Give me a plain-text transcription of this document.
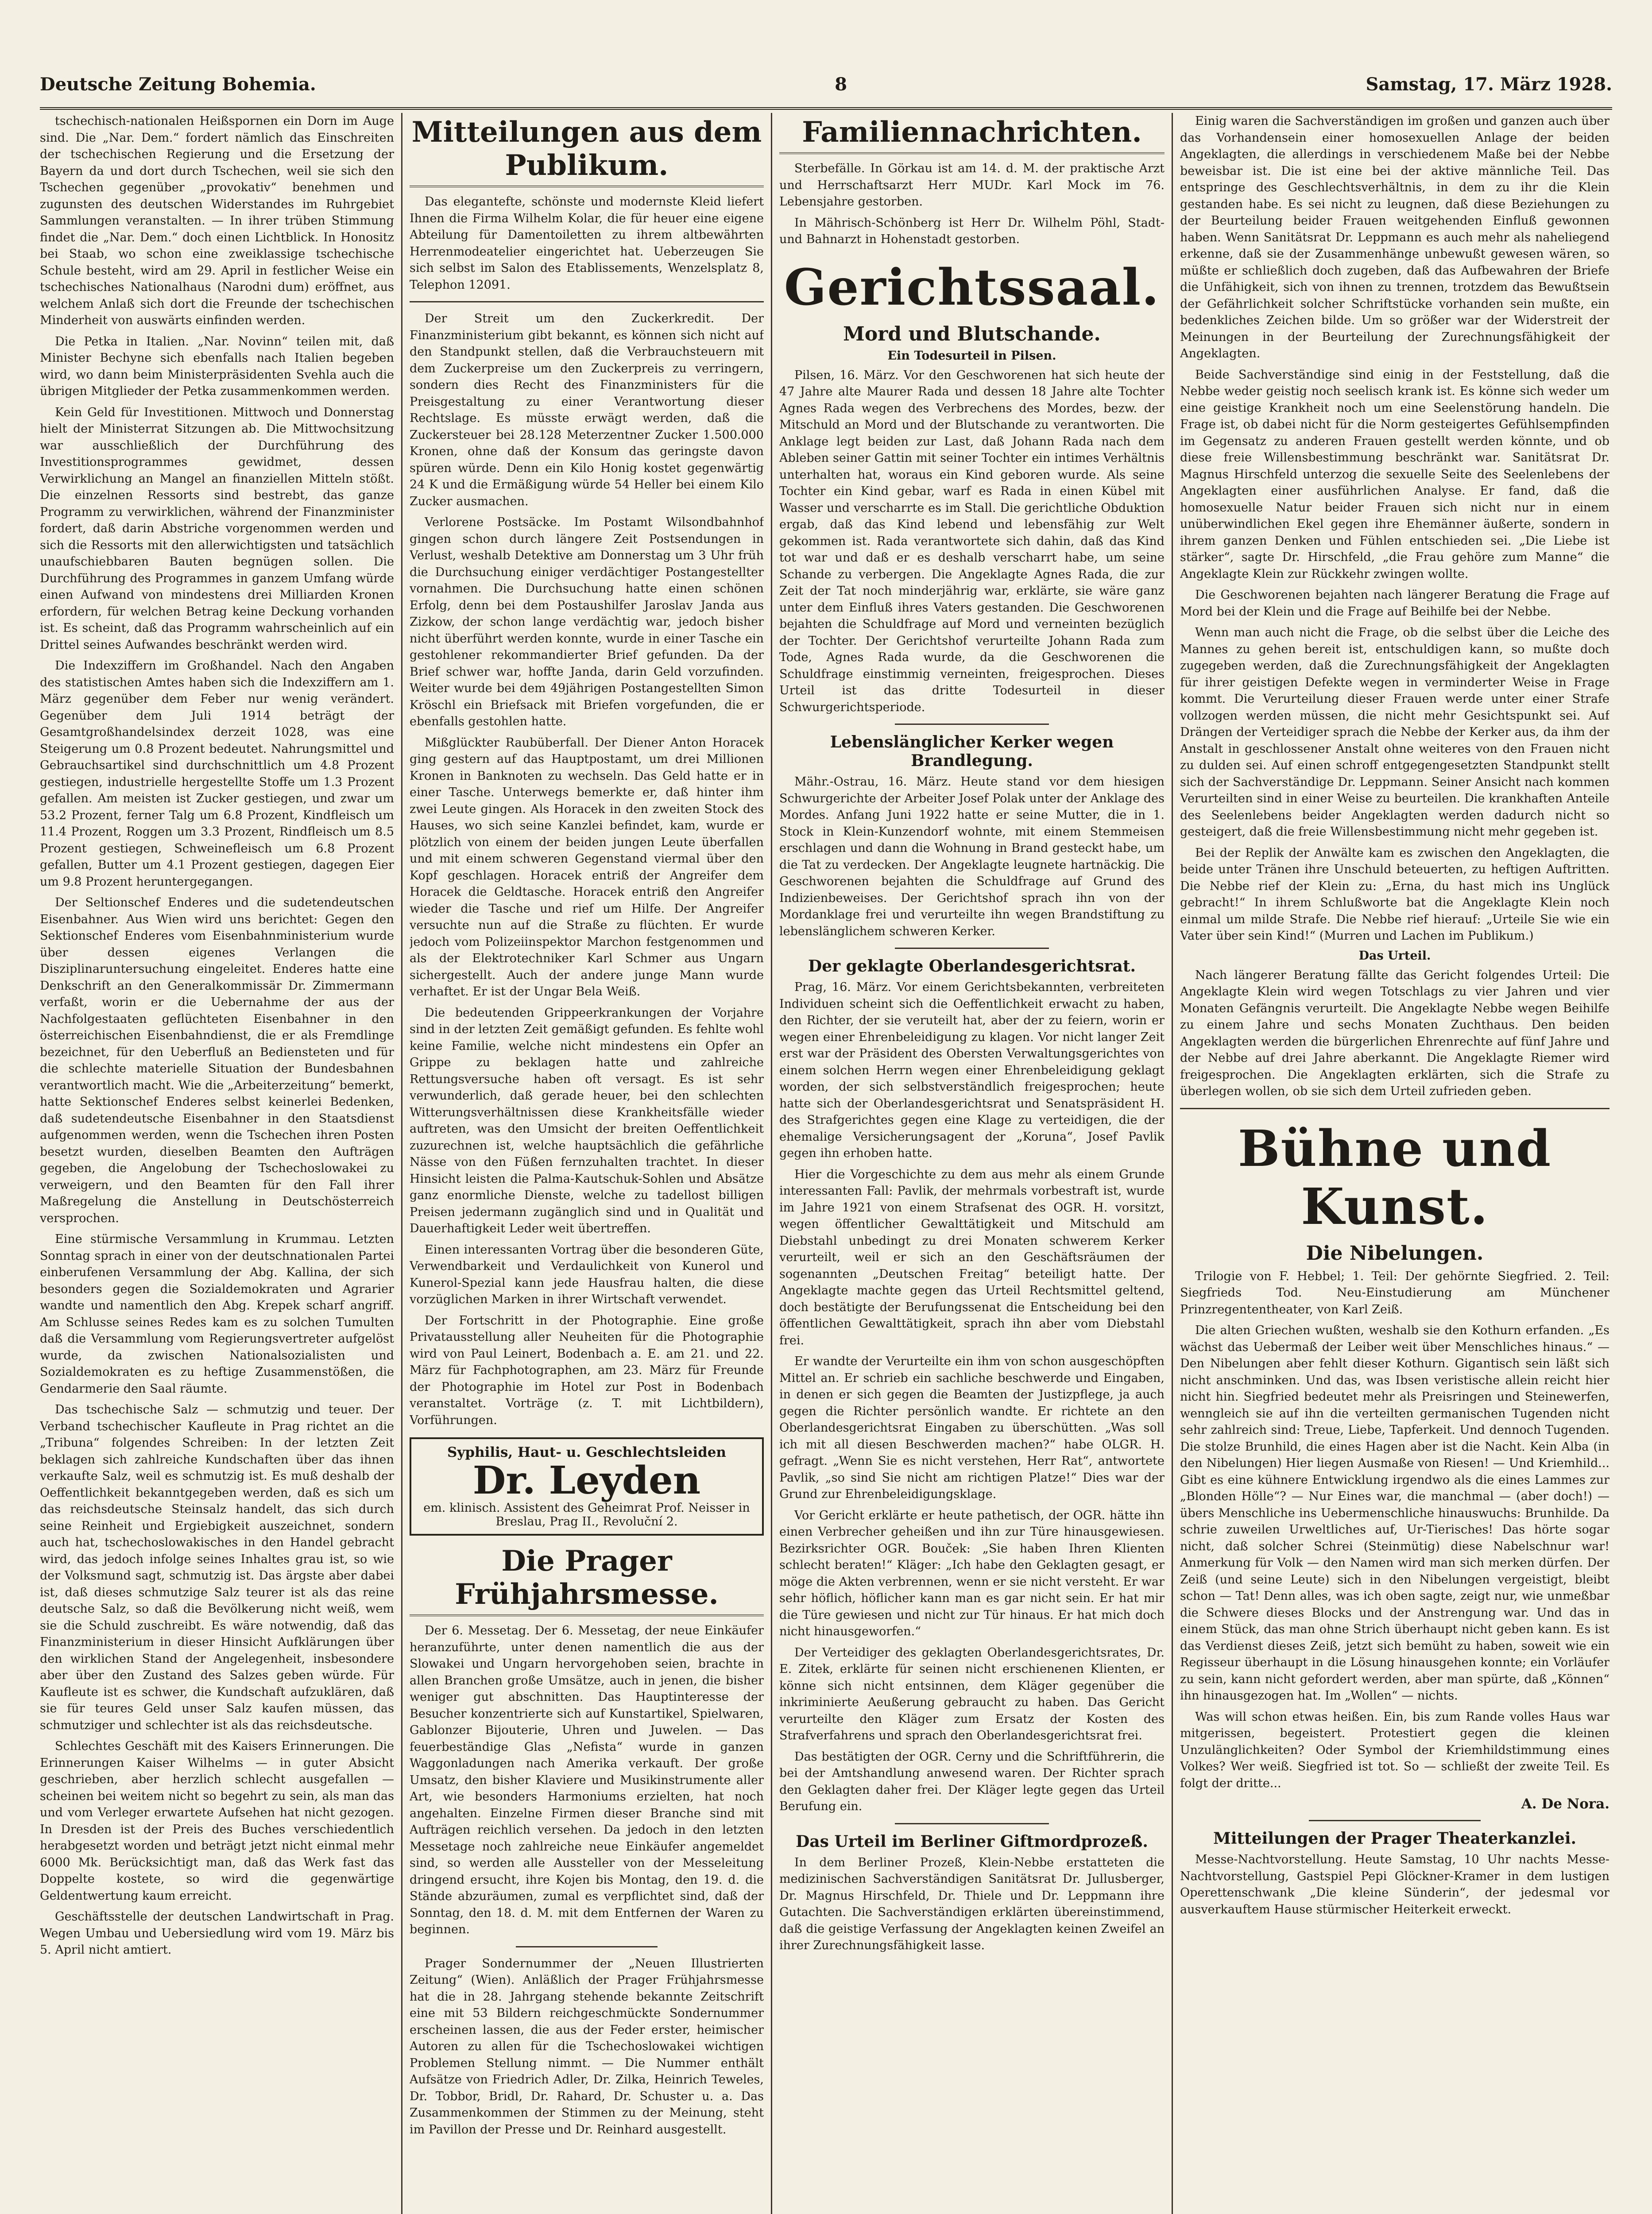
Deutsche Zeitung Bohemia.	8	Samstag, 17. März 1928.

tschechisch-nationalen Heißspornen ein Dorn im Auge sind. Die „Nar. Dem.“ fordert nämlich das Einschreiten der tschechischen Regierung und die Ersetzung der Bayern da und dort durch Tschechen, weil sie sich den Tschechen gegenüber „provokativ“ benehmen und zugunsten des deutschen Widerstandes im Ruhrgebiet Sammlungen veranstalten. — In ihrer trüben Stimmung findet die „Nar. Dem.“ doch einen Lichtblick. In Honositz bei Staab, wo schon eine zweiklassige tschechische Schule besteht, wird am 29. April in festlicher Weise ein tschechisches Nationalhaus (Narodni dum) eröffnet, aus welchem Anlaß sich dort die Freunde der tschechischen Minderheit von auswärts einfinden werden.

Die Petka in Italien. „Nar. Novinn“ teilen mit, daß Minister Bechyne sich ebenfalls nach Italien begeben wird, wo dann beim Ministerpräsidenten Svehla auch die übrigen Mitglieder der Petka zusammenkommen werden.

Kein Geld für Investitionen. Mittwoch und Donnerstag hielt der Ministerrat Sitzungen ab. Die Mittwochsitzung war ausschließlich der Durchführung des Investitionsprogrammes gewidmet, dessen Verwirklichung an Mangel an finanziellen Mitteln stößt. Die einzelnen Ressorts sind bestrebt, das ganze Programm zu verwirklichen, während der Finanzminister fordert, daß darin Abstriche vorgenommen werden und sich die Ressorts mit den allerwichtigsten und tatsächlich unaufschiebbaren Bauten begnügen sollen. Die Durchführung des Programmes in ganzem Umfang würde einen Aufwand von mindestens drei Milliarden Kronen erfordern, für welchen Betrag keine Deckung vorhanden ist. Es scheint, daß das Programm wahrscheinlich auf ein Drittel seines Aufwandes beschränkt werden wird.

Die Indexziffern im Großhandel. Nach den Angaben des statistischen Amtes haben sich die Indexziffern am 1. März gegenüber dem Feber nur wenig verändert. Gegenüber dem Juli 1914 beträgt der Gesamtgroßhandelsindex derzeit 1028, was eine Steigerung um 0.8 Prozent bedeutet. Nahrungsmittel und Gebrauchsartikel sind durchschnittlich um 4.8 Prozent gestiegen, industrielle hergestellte Stoffe um 1.3 Prozent gefallen. Am meisten ist Zucker gestiegen, und zwar um 53.2 Prozent, ferner Talg um 6.8 Prozent, Kindfleisch um 11.4 Prozent, Roggen um 3.3 Prozent, Rindfleisch um 8.5 Prozent gestiegen, Schweinefleisch um 6.8 Prozent gefallen, Butter um 4.1 Prozent gestiegen, dagegen Eier um 9.8 Prozent heruntergegangen.

Der Seltionschef Enderes und die sudetendeutschen Eisenbahner. Aus Wien wird uns berichtet: Gegen den Sektionschef Enderes vom Eisenbahnministerium wurde über dessen eigenes Verlangen die Disziplinaruntersuchung eingeleitet. Enderes hatte eine Denkschrift an den Generalkommissär Dr. Zimmermann verfaßt, worin er die Uebernahme der aus der Nachfolgestaaten geflüchteten Eisenbahner in den österreichischen Eisenbahndienst, die er als Fremdlinge bezeichnet, für den Ueberfluß an Bediensteten und für die schlechte materielle Situation der Bundesbahnen verantwortlich macht. Wie die „Arbeiterzeitung“ bemerkt, hatte Sektionschef Enderes selbst keinerlei Bedenken, daß sudetendeutsche Eisenbahner in den Staatsdienst aufgenommen werden, wenn die Tschechen ihren Posten besetzt wurden, dieselben Beamten den Aufträgen gegeben, die Angelobung der Tschechoslowakei zu verweigern, und den Beamten für den Fall ihrer Maßregelung die Anstellung in Deutschösterreich versprochen.

Eine stürmische Versammlung in Krummau. Letzten Sonntag sprach in einer von der deutschnationalen Partei einberufenen Versammlung der Abg. Kallina, der sich besonders gegen die Sozialdemokraten und Agrarier wandte und namentlich den Abg. Krepek scharf angriff. Am Schlusse seines Redes kam es zu solchen Tumulten daß die Versammlung vom Regierungsvertreter aufgelöst wurde, da zwischen Nationalsozialisten und Sozialdemokraten es zu heftige Zusammenstößen, die Gendarmerie den Saal räumte.

Das tschechische Salz — schmutzig und teuer. Der Verband tschechischer Kaufleute in Prag richtet an die „Tribuna“ folgendes Schreiben: In der letzten Zeit beklagen sich zahlreiche Kundschaften über das ihnen verkaufte Salz, weil es schmutzig ist. Es muß deshalb der Oeffentlichkeit bekanntgegeben werden, daß es sich um das reichsdeutsche Steinsalz handelt, das sich durch seine Reinheit und Ergiebigkeit auszeichnet, sondern auch hat, tschechoslowakisches in den Handel gebracht wird, das jedoch infolge seines Inhaltes grau ist, so wie der Volksmund sagt, schmutzig ist. Das ärgste aber dabei ist, daß dieses schmutzige Salz teurer ist als das reine deutsche Salz, so daß die Bevölkerung nicht weiß, wem sie die Schuld zuschreibt. Es wäre notwendig, daß das Finanzministerium in dieser Hinsicht Aufklärungen über den wirklichen Stand der Angelegenheit, insbesondere aber über den Zustand des Salzes geben würde. Für Kaufleute ist es schwer, die Kundschaft aufzuklären, daß sie für teures Geld unser Salz kaufen müssen, das schmutziger und schlechter ist als das reichsdeutsche.

Schlechtes Geschäft mit des Kaisers Erinnerungen. Die Erinnerungen Kaiser Wilhelms — in guter Absicht geschrieben, aber herzlich schlecht ausgefallen — scheinen bei weitem nicht so begehrt zu sein, als man das und vom Verleger erwartete Aufsehen hat nicht gezogen. In Dresden ist der Preis des Buches verschiedentlich herabgesetzt worden und beträgt jetzt nicht einmal mehr 6000 Mk. Berücksichtigt man, daß das Werk fast das Doppelte kostete, so wird die gegenwärtige Geldentwertung kaum erreicht.

Geschäftsstelle der deutschen Landwirtschaft in Prag. Wegen Umbau und Uebersiedlung wird vom 19. März bis 5. April nicht amtiert.

Mitteilungen aus dem Publikum.

Das elegantefte, schönste und modernste Kleid liefert Ihnen die Firma Wilhelm Kolar, die für heuer eine eigene Abteilung für Damentoiletten zu ihrem altbewährten Herrenmodeatelier eingerichtet hat. Ueberzeugen Sie sich selbst im Salon des Etablissements, Wenzelsplatz 8, Telephon 12091.

Der Streit um den Zuckerkredit. Der Finanzministerium gibt bekannt, es können sich nicht auf den Standpunkt stellen, daß die Verbrauchsteuern mit dem Zuckerpreise um den Zuckerpreis zu verringern, sondern dies Recht des Finanzministers für die Preisgestaltung zu einer Verantwortung dieser Rechtslage. Es müsste erwägt werden, daß die Zuckersteuer bei 28.128 Meterzentner Zucker 1.500.000 Kronen, ohne daß der Konsum das geringste davon spüren würde. Denn ein Kilo Honig kostet gegenwärtig 24 K und die Ermäßigung würde 54 Heller bei einem Kilo Zucker ausmachen.

Verlorene Postsäcke. Im Postamt Wilsondbahnhof gingen schon durch längere Zeit Postsendungen in Verlust, weshalb Detektive am Donnerstag um 3 Uhr früh die Durchsuchung einiger verdächtiger Postangestellter vornahmen. Die Durchsuchung hatte einen schönen Erfolg, denn bei dem Postaushilfer Jaroslav Janda aus Zizkow, der schon lange verdächtig war, jedoch bisher nicht überführt werden konnte, wurde in einer Tasche ein gestohlener rekommandierter Brief gefunden. Da der Brief schwer war, hoffte Janda, darin Geld vorzufinden. Weiter wurde bei dem 49jährigen Postangestellten Simon Kröschl ein Briefsack mit Briefen vorgefunden, die er ebenfalls gestohlen hatte.

Mißglückter Raubüberfall. Der Diener Anton Horacek ging gestern auf das Hauptpostamt, um drei Millionen Kronen in Banknoten zu wechseln. Das Geld hatte er in einer Tasche. Unterwegs bemerkte er, daß hinter ihm zwei Leute gingen. Als Horacek in den zweiten Stock des Hauses, wo sich seine Kanzlei befindet, kam, wurde er plötzlich von einem der beiden jungen Leute überfallen und mit einem schweren Gegenstand viermal über den Kopf geschlagen. Horacek entriß der Angreifer dem Horacek die Geldtasche. Horacek entriß den Angreifer wieder die Tasche und rief um Hilfe. Der Angreifer versuchte nun auf die Straße zu flüchten. Er wurde jedoch vom Polizeiinspektor Marchon festgenommen und als der Elektrotechniker Karl Schmer aus Ungarn sichergestellt. Auch der andere junge Mann wurde verhaftet. Er ist der Ungar Bela Weiß.

Die bedeutenden Grippeerkrankungen der Vorjahre sind in der letzten Zeit gemäßigt gefunden. Es fehlte wohl keine Familie, welche nicht mindestens ein Opfer an Grippe zu beklagen hatte und zahlreiche Rettungsversuche haben oft versagt. Es ist sehr verwunderlich, daß gerade heuer, bei den schlechten Witterungsverhältnissen diese Krankheitsfälle wieder auftreten, was den Umsicht der breiten Oeffentlichkeit zuzurechnen ist, welche hauptsächlich die gefährliche Nässe von den Füßen fernzuhalten trachtet. In dieser Hinsicht leisten die Palma-Kautschuk-Sohlen und Absätze ganz enormliche Dienste, welche zu tadellost billigen Preisen jedermann zugänglich sind und in Qualität und Dauerhaftigkeit Leder weit übertreffen.

Einen interessanten Vortrag über die besonderen Güte, Verwendbarkeit und Verdaulichkeit von Kunerol und Kunerol-Spezial kann jede Hausfrau halten, die diese vorzüglichen Marken in ihrer Wirtschaft verwendet.

Der Fortschritt in der Photographie. Eine große Privatausstellung aller Neuheiten für die Photographie wird von Paul Leinert, Bodenbach a. E. am 21. und 22. März für Fachphotographen, am 23. März für Freunde der Photographie im Hotel zur Post in Bodenbach veranstaltet. Vorträge (z. T. mit Lichtbildern), Vorführungen.

Syphilis, Haut- u. Geschlechtsleiden
Dr. Leyden
em. klinisch. Assistent des Geheimrat Prof. Neisser in Breslau, Prag II., Revoluční 2.
Die Prager Frühjahrsmesse.

Der 6. Messetag. Der 6. Messetag, der neue Einkäufer heranzuführte, unter denen namentlich die aus der Slowakei und Ungarn hervorgehoben seien, brachte in allen Branchen große Umsätze, auch in jenen, die bisher weniger gut abschnitten. Das Hauptinteresse der Besucher konzentrierte sich auf Kunstartikel, Spielwaren, Gablonzer Bijouterie, Uhren und Juwelen. — Das feuerbeständige Glas „Nefista“ wurde in ganzen Waggonladungen nach Amerika verkauft. Der große Umsatz, den bisher Klaviere und Musikinstrumente aller Art, wie besonders Harmoniums erzielten, hat noch angehalten. Einzelne Firmen dieser Branche sind mit Aufträgen reichlich versehen. Da jedoch in den letzten Messetage noch zahlreiche neue Einkäufer angemeldet sind, so werden alle Aussteller von der Messeleitung dringend ersucht, ihre Kojen bis Montag, den 19. d. die Stände abzuräumen, zumal es verpflichtet sind, daß der Sonntag, den 18. d. M. mit dem Entfernen der Waren zu beginnen.

Prager Sondernummer der „Neuen Illustrierten Zeitung“ (Wien). Anläßlich der Prager Frühjahrsmesse hat die in 28. Jahrgang stehende bekannte Zeitschrift eine mit 53 Bildern reichgeschmückte Sondernummer erscheinen lassen, die aus der Feder erster, heimischer Autoren zu allen für die Tschechoslowakei wichtigen Problemen Stellung nimmt. — Die Nummer enthält Aufsätze von Friedrich Adler, Dr. Zilka, Heinrich Teweles, Dr. Tobbor, Bridl, Dr. Rahard, Dr. Schuster u. a. Das Zusammenkommen der Stimmen zu der Meinung, steht im Pavillon der Presse und Dr. Reinhard ausgestellt.

Familiennachrichten.

Sterbefälle. In Görkau ist am 14. d. M. der praktische Arzt und Herrschaftsarzt Herr MUDr. Karl Mock im 76. Lebensjahre gestorben.

In Mährisch-Schönberg ist Herr Dr. Wilhelm Pöhl, Stadt- und Bahnarzt in Hohenstadt gestorben.

Gerichtssaal.
Mord und Blutschande.
Ein Todesurteil in Pilsen.

Pilsen, 16. März. Vor den Geschworenen hat sich heute der 47 Jahre alte Maurer Rada und dessen 18 Jahre alte Tochter Agnes Rada wegen des Verbrechens des Mordes, bezw. der Mitschuld an Mord und der Blutschande zu verantworten. Die Anklage legt beiden zur Last, daß Johann Rada nach dem Ableben seiner Gattin mit seiner Tochter ein intimes Verhältnis unterhalten hat, woraus ein Kind geboren wurde. Als seine Tochter ein Kind gebar, warf es Rada in einen Kübel mit Wasser und verscharrte es im Stall. Die gerichtliche Obduktion ergab, daß das Kind lebend und lebensfähig zur Welt gekommen ist. Rada verantwortete sich dahin, daß das Kind tot war und daß er es deshalb verscharrt habe, um seine Schande zu verbergen. Die Angeklagte Agnes Rada, die zur Zeit der Tat noch minderjährig war, erklärte, sie wäre ganz unter dem Einfluß ihres Vaters gestanden. Die Geschworenen bejahten die Schuldfrage auf Mord und verneinten bezüglich der Tochter. Der Gerichtshof verurteilte Johann Rada zum Tode, Agnes Rada wurde, da die Geschworenen die Schuldfrage einstimmig verneinten, freigesprochen. Dieses Urteil ist das dritte Todesurteil in dieser Schwurgerichtsperiode.

Lebenslänglicher Kerker wegen Brandlegung.

Mähr.-Ostrau, 16. März. Heute stand vor dem hiesigen Schwurgerichte der Arbeiter Josef Polak unter der Anklage des Mordes. Anfang Juni 1922 hatte er seine Mutter, die in 1. Stock in Klein-Kunzendorf wohnte, mit einem Stemmeisen erschlagen und dann die Wohnung in Brand gesteckt habe, um die Tat zu verdecken. Der Angeklagte leugnete hartnäckig. Die Geschworenen bejahten die Schuldfrage auf Grund des Indizienbeweises. Der Gerichtshof sprach ihn von der Mordanklage frei und verurteilte ihn wegen Brandstiftung zu lebenslänglichem schweren Kerker.

Der geklagte Oberlandesgerichtsrat.

Prag, 16. März. Vor einem Gerichtsbekannten, verbreiteten Individuen scheint sich die Oeffentlichkeit erwacht zu haben, den Richter, der sie veruteilt hat, aber der zu feiern, worin er wegen einer Ehrenbeleidigung zu klagen. Vor nicht langer Zeit erst war der Präsident des Obersten Verwaltungsgerichtes von einem solchen Herrn wegen einer Ehrenbeleidigung geklagt worden, der sich selbstverständlich freigesprochen; heute hatte sich der Oberlandesgerichtsrat und Senatspräsident H. des Strafgerichtes gegen eine Klage zu verteidigen, die der ehemalige Versicherungsagent der „Koruna“, Josef Pavlik gegen ihn erhoben hatte.

Hier die Vorgeschichte zu dem aus mehr als einem Grunde interessanten Fall: Pavlik, der mehrmals vorbestraft ist, wurde im Jahre 1921 von einem Strafsenat des OGR. H. vorsitzt, wegen öffentlicher Gewalttätigkeit und Mitschuld am Diebstahl unbedingt zu drei Monaten schwerem Kerker verurteilt, weil er sich an den Geschäftsräumen der sogenannten „Deutschen Freitag“ beteiligt hatte. Der Angeklagte machte gegen das Urteil Rechtsmittel geltend, doch bestätigte der Berufungssenat die Entscheidung bei den öffentlichen Gewalttätigkeit, sprach ihn aber vom Diebstahl frei.

Er wandte der Verurteilte ein ihm von schon ausgeschöpften Mittel an. Er schrieb ein sachliche beschwerde und Eingaben, in denen er sich gegen die Beamten der Justizpflege, ja auch gegen die Richter persönlich wandte. Er richtete an den Oberlandesgerichtsrat Eingaben zu überschütten. „Was soll ich mit all diesen Beschwerden machen?“ habe OLGR. H. gefragt. „Wenn Sie es nicht verstehen, Herr Rat“, antwortete Pavlik, „so sind Sie nicht am richtigen Platze!“ Dies war der Grund zur Ehrenbeleidigungsklage.

Vor Gericht erklärte er heute pathetisch, der OGR. hätte ihn einen Verbrecher geheißen und ihn zur Türe hinausgewiesen. Bezirksrichter OGR. Bouček: „Sie haben Ihren Klienten schlecht beraten!“ Kläger: „Ich habe den Geklagten gesagt, er möge die Akten verbrennen, wenn er sie nicht versteht. Er war sehr höflich, höflicher kann man es gar nicht sein. Er hat mir die Türe gewiesen und nicht zur Tür hinaus. Er hat mich doch nicht hinausgeworfen.“

Der Verteidiger des geklagten Oberlandesgerichtsrates, Dr. E. Zitek, erklärte für seinen nicht erschienenen Klienten, er könne sich nicht entsinnen, dem Kläger gegenüber die inkriminierte Aeußerung gebraucht zu haben. Das Gericht verurteilte den Kläger zum Ersatz der Kosten des Strafverfahrens und sprach den Oberlandesgerichtsrat frei.

Das bestätigten der OGR. Cerny und die Schriftführerin, die bei der Amtshandlung anwesend waren. Der Richter sprach den Geklagten daher frei. Der Kläger legte gegen das Urteil Berufung ein.

Das Urteil im Berliner Giftmordprozeß.

In dem Berliner Prozeß, Klein-Nebbe erstatteten die medizinischen Sachverständigen Sanitätsrat Dr. Jullusberger, Dr. Magnus Hirschfeld, Dr. Thiele und Dr. Leppmann ihre Gutachten. Die Sachverständigen erklärten übereinstimmend, daß die geistige Verfassung der Angeklagten keinen Zweifel an ihrer Zurechnungsfähigkeit lasse.

Einig waren die Sachverständigen im großen und ganzen auch über das Vorhandensein einer homosexuellen Anlage der beiden Angeklagten, die allerdings in verschiedenem Maße bei der Nebbe beweisbar ist. Die ist eine bei der aktive männliche Teil. Das entspringe des Geschlechtsverhältnis, in dem zu ihr die Klein gestanden habe. Es sei nicht zu leugnen, daß diese Beziehungen zu der Beurteilung beider Frauen weitgehenden Einfluß gewonnen haben. Wenn Sanitätsrat Dr. Leppmann es auch mehr als naheliegend erkenne, daß sie der Zusammenhänge unbewußt gewesen wären, so müßte er schließlich doch zugeben, daß das Aufbewahren der Briefe die Unfähigkeit, sich von ihnen zu trennen, trotzdem das Bewußtsein der Gefährlichkeit solcher Schriftstücke vorhanden sein mußte, ein bedenkliches Zeichen bilde. Um so größer war der Widerstreit der Meinungen in der Beurteilung der Zurechnungsfähigkeit der Angeklagten.

Beide Sachverständige sind einig in der Feststellung, daß die Nebbe weder geistig noch seelisch krank ist. Es könne sich weder um eine geistige Krankheit noch um eine Seelenstörung handeln. Die Frage ist, ob dabei nicht für die Norm gesteigertes Gefühlsempfinden im Gegensatz zu anderen Frauen gestellt werden könnte, und ob diese freie Willensbestimmung beschränkt war. Sanitätsrat Dr. Magnus Hirschfeld unterzog die sexuelle Seite des Seelenlebens der Angeklagten einer ausführlichen Analyse. Er fand, daß die homosexuelle Natur beider Frauen sich nicht nur in einem unüberwindlichen Ekel gegen ihre Ehemänner äußerte, sondern in ihrem ganzen Denken und Fühlen entschieden sei. „Die Liebe ist stärker“, sagte Dr. Hirschfeld, „die Frau gehöre zum Manne“ die Angeklagte Klein zur Rückkehr zwingen wollte.

Die Geschworenen bejahten nach längerer Beratung die Frage auf Mord bei der Klein und die Frage auf Beihilfe bei der Nebbe.

Wenn man auch nicht die Frage, ob die selbst über die Leiche des Mannes zu gehen bereit ist, entschuldigen kann, so mußte doch zugegeben werden, daß die Zurechnungsfähigkeit der Angeklagten für ihrer geistigen Defekte wegen in verminderter Weise in Frage kommt. Die Verurteilung dieser Frauen werde unter einer Strafe vollzogen werden müssen, die nicht mehr Gesichtspunkt sei. Auf Drängen der Verteidiger sprach die Nebbe der Kerker aus, da ihm der Anstalt in geschlossener Anstalt ohne weiteres von den Frauen nicht zu dulden sei. Auf einen schroff entgegengesetzten Standpunkt stellt sich der Sachverständige Dr. Leppmann. Seiner Ansicht nach kommen Verurteilten sind in einer Weise zu beurteilen. Die krankhaften Anteile des Seelenlebens beider Angeklagten werden dadurch nicht so gesteigert, daß die freie Willensbestimmung nicht mehr gegeben ist.

Bei der Replik der Anwälte kam es zwischen den Angeklagten, die beide unter Tränen ihre Unschuld beteuerten, zu heftigen Auftritten. Die Nebbe rief der Klein zu: „Erna, du hast mich ins Unglück gebracht!“ In ihrem Schlußworte bat die Angeklagte Klein noch einmal um milde Strafe. Die Nebbe rief hierauf: „Urteile Sie wie ein Vater über sein Kind!“ (Murren und Lachen im Publikum.)

Das Urteil.

Nach längerer Beratung fällte das Gericht folgendes Urteil: Die Angeklagte Klein wird wegen Totschlags zu vier Jahren und vier Monaten Gefängnis verurteilt. Die Angeklagte Nebbe wegen Beihilfe zu einem Jahre und sechs Monaten Zuchthaus. Den beiden Angeklagten werden die bürgerlichen Ehrenrechte auf fünf Jahre und der Nebbe auf drei Jahre aberkannt. Die Angeklagte Riemer wird freigesprochen. Die Angeklagten erklärten, sich die Strafe zu überlegen wollen, ob sie sich dem Urteil zufrieden geben.

Bühne und Kunst.
Die Nibelungen.

Trilogie von F. Hebbel; 1. Teil: Der gehörnte Siegfried. 2. Teil: Siegfrieds Tod. Neu-Einstudierung am Münchener Prinzregententheater, von Karl Zeiß.

Die alten Griechen wußten, weshalb sie den Kothurn erfanden. „Es wächst das Uebermaß der Leiber weit über Menschliches hinaus.“ — Den Nibelungen aber fehlt dieser Kothurn. Gigantisch sein läßt sich nicht anschminken. Und das, was Ibsen veristische allein reicht hier nicht hin. Siegfried bedeutet mehr als Preisringen und Steinewerfen, wenngleich sie auf ihn die verteilten germanischen Tugenden nicht sehr zahlreich sind: Treue, Liebe, Tapferkeit. Und dennoch Tugenden. Die stolze Brunhild, die eines Hagen aber ist die Nacht. Kein Alba (in den Nibelungen) Hier liegen Ausmaße von Riesen! — Und Kriemhild... Gibt es eine kühnere Entwicklung irgendwo als die eines Lammes zur „Blonden Hölle“? — Nur Eines war, die manchmal — (aber doch!) — übers Menschliche ins Uebermenschliche hinauswuchs: Brunhilde. Da schrie zuweilen Urweltliches auf, Ur-Tierisches! Das hörte sogar nicht, daß solcher Schrei (Steinmütig) diese Nabelschnur war! Anmerkung für Volk — den Namen wird man sich merken dürfen. Der Zeiß (und seine Leute) sich in den Nibelungen vergeistigt, bleibt schon — Tat! Denn alles, was ich oben sagte, zeigt nur, wie unmeßbar die Schwere dieses Blocks und der Anstrengung war. Und das in einem Stück, das man ohne Strich überhaupt nicht geben kann. Es ist das Verdienst dieses Zeiß, jetzt sich bemüht zu haben, soweit wie ein Regisseur überhaupt in die Lösung hinausgehen konnte; ein Vorläufer zu sein, kann nicht gefordert werden, aber man spürte, daß „Können“ ihn hinausgezogen hat. Im „Wollen“ — nichts.

Was will schon etwas heißen. Ein, bis zum Rande volles Haus war mitgerissen, begeistert. Protestiert gegen die kleinen Unzulänglichkeiten? Oder Symbol der Kriemhildstimmung eines Volkes? Wer weiß. Siegfried ist tot. So — schließt der zweite Teil. Es folgt der dritte...

A. De Nora.
Mitteilungen der Prager Theaterkanzlei.

Messe-Nachtvorstellung. Heute Samstag, 10 Uhr nachts Messe-Nachtvorstellung, Gastspiel Pepi Glöckner-Kramer in dem lustigen Operettenschwank „Die kleine Sünderin“, der jedesmal vor ausverkauftem Hause stürmischer Heiterkeit erweckt.
